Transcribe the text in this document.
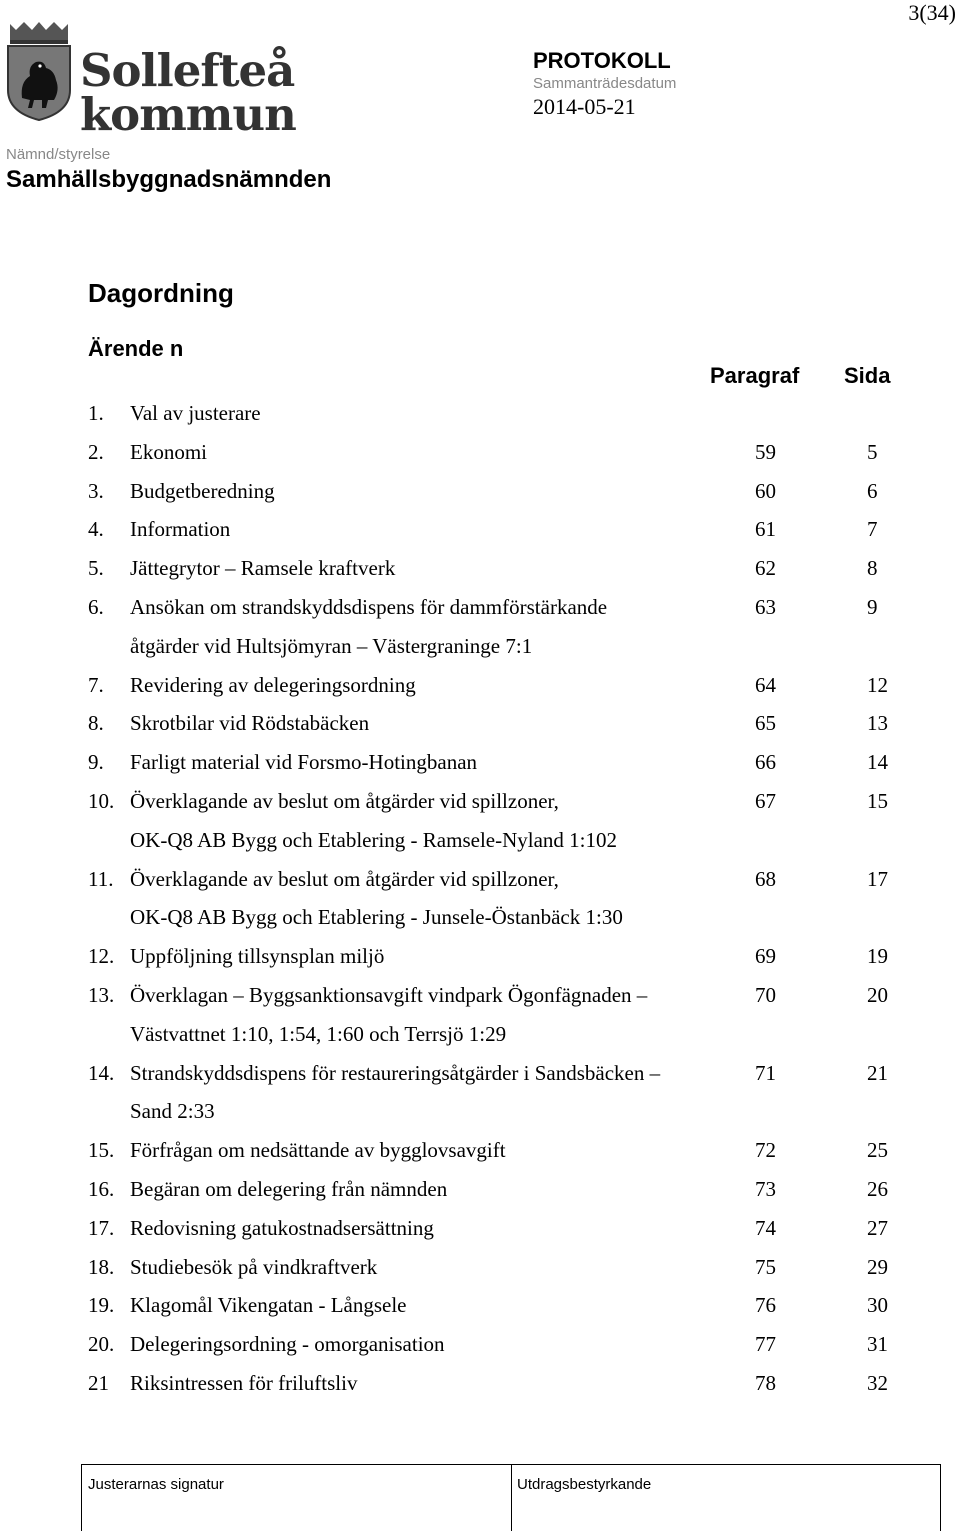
3(34)
Sollefteå
kommun
PROTOKOLL
Sammanträdesdatum
2014-05-21
Nämnd/styrelse
Samhällsbyggnadsnämnden
Dagordning
Ärende n
Paragraf Sida
1. Val av justerare
2. Ekonomi	59	5
3. Budgetberedning	60	6
4. Information	61	7
5. Jättegrytor – Ramsele kraftverk	62	8
6. Ansökan om strandskyddsdispens för dammförstärkande	63	9
åtgärder vid Hultsjömyran – Västergraninge 7:1
7. Revidering av delegeringsordning	64	12
8. Skrotbilar vid Rödstabäcken	65	13
9. Farligt material vid Forsmo-Hotingbanan	66	14
10. Överklagande av beslut om åtgärder vid spillzoner,	67	15
OK-Q8 AB Bygg och Etablering - Ramsele-Nyland 1:102
11. Överklagande av beslut om åtgärder vid spillzoner,	68	17
OK-Q8 AB Bygg och Etablering - Junsele-Östanbäck 1:30
12. Uppföljning tillsynsplan miljö	69	19
13. Överklagan – Byggsanktionsavgift vindpark Ögonfägnaden –	70	20
Västvattnet 1:10, 1:54, 1:60 och Terrsjö 1:29
14. Strandskyddsdispens för restaureringsåtgärder i Sandsbäcken –	71	21
Sand 2:33
15. Förfrågan om nedsättande av bygglovsavgift	72	25
16. Begäran om delegering från nämnden	73	26
17. Redovisning gatukostnadsersättning	74	27
18. Studiebesök på vindkraftverk	75	29
19. Klagomål Vikengatan - Långsele	76	30
20. Delegeringsordning - omorganisation	77	31
21 Riksintressen för friluftsliv	78	32
Justerarnas signatur	Utdragsbestyrkande
